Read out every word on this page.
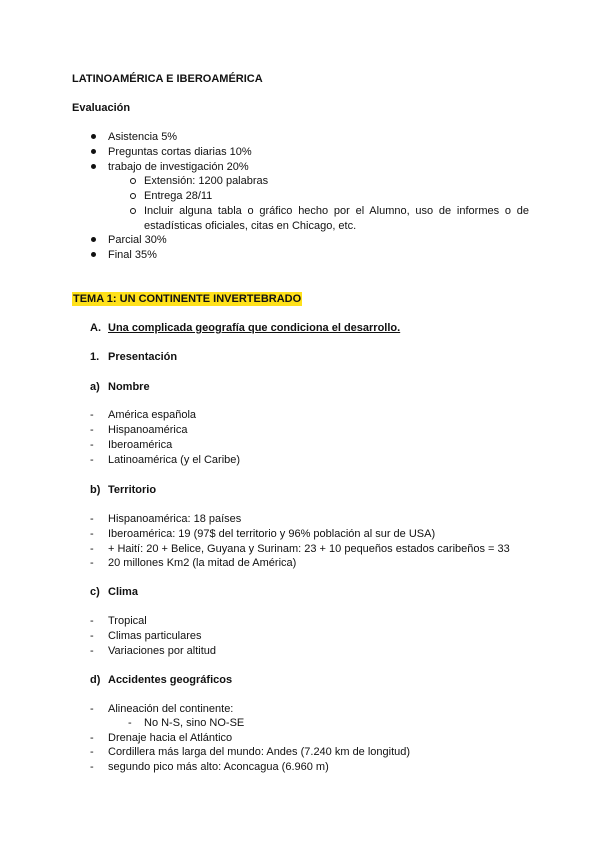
LATINOAMÉRICA E IBEROAMÉRICA
Evaluación
Asistencia 5%
Preguntas cortas diarias 10%
trabajo de investigación 20%
Extensión: 1200 palabras
Entrega 28/11
Incluir alguna tabla o gráfico hecho por el Alumno, uso de informes o de
estadísticas oficiales, citas en Chicago, etc.
Parcial 30%
Final 35%
TEMA 1: UN CONTINENTE INVERTEBRADO
A. Una complicada geografía que condiciona el desarrollo.
1. Presentación
a) Nombre
- América española
- Hispanoamérica
- Iberoamérica
- Latinoamérica (y el Caribe)
b) Territorio
- Hispanoamérica: 18 países
- Iberoamérica: 19 (97$ del territorio y 96% población al sur de USA)
- + Haití: 20 + Belice, Guyana y Surinam: 23 + 10 pequeños estados caribeños = 33
- 20 millones Km2 (la mitad de América)
c) Clima
- Tropical
- Climas particulares
- Variaciones por altitud
d) Accidentes geográficos
- Alineación del continente:
- No N-S, sino NO-SE
- Drenaje hacia el Atlántico
- Cordillera más larga del mundo: Andes (7.240 km de longitud)
- segundo pico más alto: Aconcagua (6.960 m)
